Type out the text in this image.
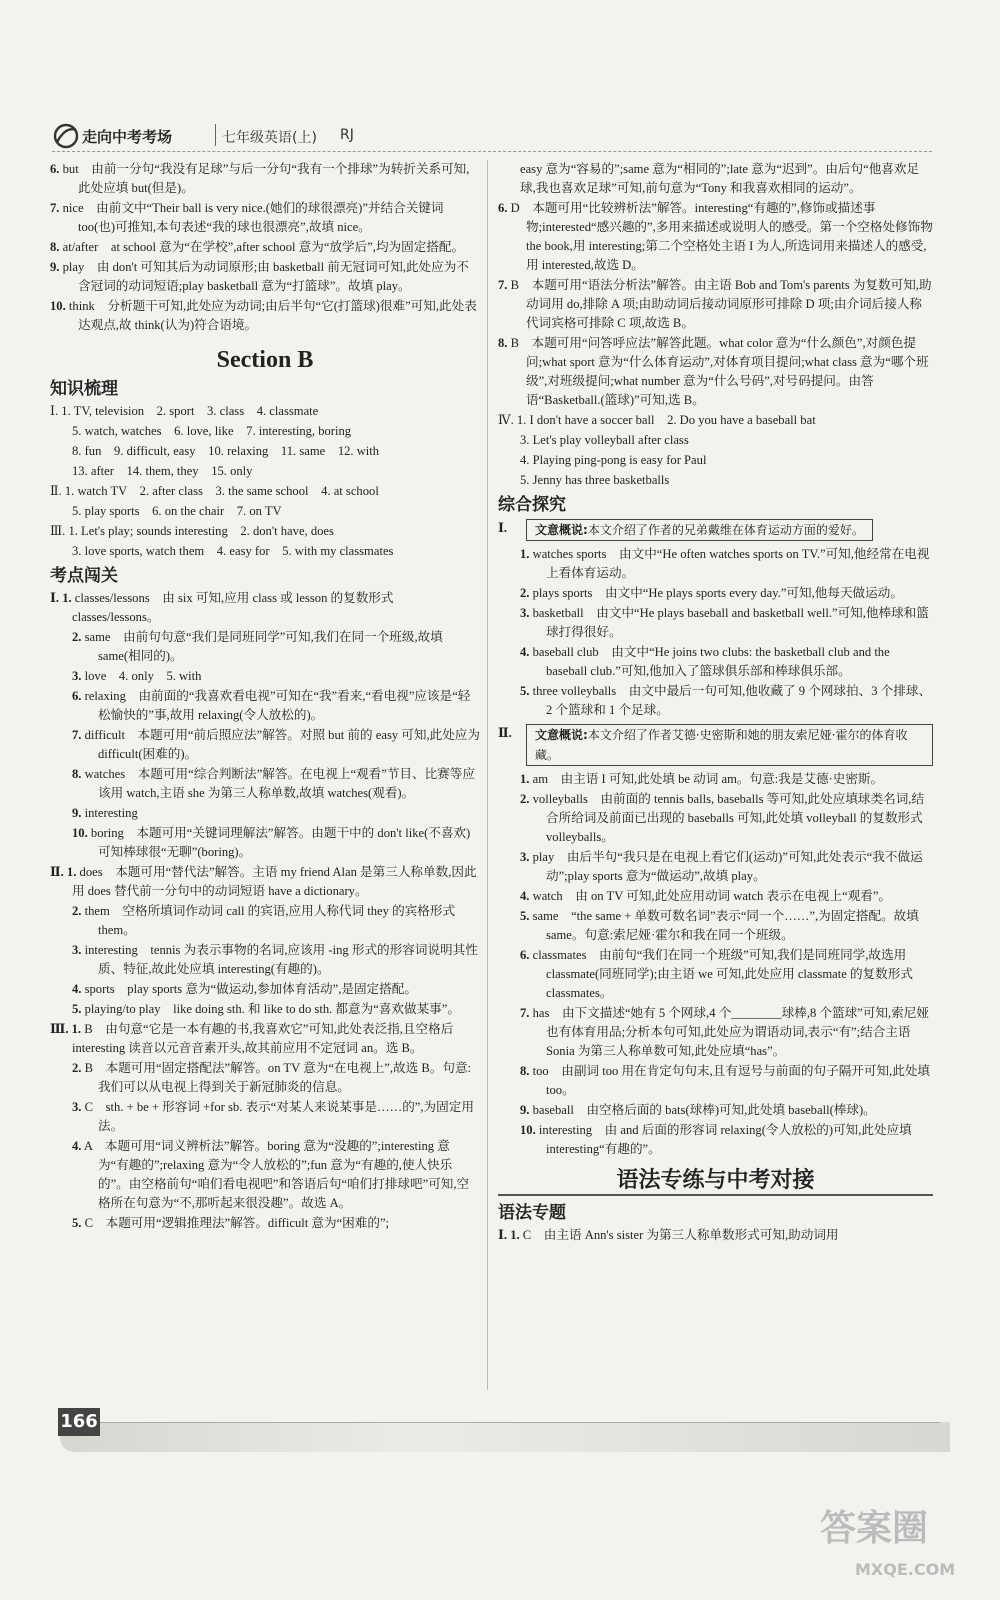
走向中考考场	七年级英语(上) RJ
6. but　由前一分句“我没有足球”与后一分句“我有一个排球”为转折关系可知,此处应填 but(但是)。
7. nice　由前文中“Their ball is very nice.(她们的球很漂亮)”并结合关键词 too(也)可推知,本句表述“我的球也很漂亮”,故填 nice。
8. at/after　at school 意为“在学校”,after school 意为“放学后”,均为固定搭配。
9. play　由 don't 可知其后为动词原形;由 basketball 前无冠词可知,此处应为不含冠词的动词短语;play basketball 意为“打篮球”。故填 play。
10. think　分析题干可知,此处应为动词;由后半句“它(打篮球)很难”可知,此处表达观点,故 think(认为)符合语境。
Section B
知识梳理
Ⅰ. 1. TV, television　2. sport　3. class　4. classmate
5. watch, watches　6. love, like　7. interesting, boring
8. fun　9. difficult, easy　10. relaxing　11. same　12. with
13. after　14. them, they　15. only
Ⅱ. 1. watch TV　2. after class　3. the same school　4. at school
5. play sports　6. on the chair　7. on TV
Ⅲ. 1. Let's play; sounds interesting　2. don't have, does
3. love sports, watch them　4. easy for　5. with my classmates
考点闯关
Ⅰ. 1. classes/lessons　由 six 可知,应用 class 或 lesson 的复数形式 classes/lessons。
2. same　由前句句意“我们是同班同学”可知,我们在同一个班级,故填 same(相同的)。
3. love　4. only　5. with
6. relaxing　由前面的“我喜欢看电视”可知在“我”看来,“看电视”应该是“轻松愉快的”事,故用 relaxing(令人放松的)。
7. difficult　本题可用“前后照应法”解答。对照 but 前的 easy 可知,此处应为 difficult(困难的)。
8. watches　本题可用“综合判断法”解答。在电视上“观看”节目、比赛等应该用 watch,主语 she 为第三人称单数,故填 watches(观看)。
9. interesting
10. boring　本题可用“关键词理解法”解答。由题干中的 don't like(不喜欢)可知棒球很“无聊”(boring)。
Ⅱ. 1. does　本题可用“替代法”解答。主语 my friend Alan 是第三人称单数,因此用 does 替代前一分句中的动词短语 have a dictionary。
2. them　空格所填词作动词 call 的宾语,应用人称代词 they 的宾格形式 them。
3. interesting　tennis 为表示事物的名词,应该用 -ing 形式的形容词说明其性质、特征,故此处应填 interesting(有趣的)。
4. sports　play sports 意为“做运动,参加体育活动”,是固定搭配。
5. playing/to play　like doing sth. 和 like to do sth. 都意为“喜欢做某事”。
Ⅲ. 1. B　由句意“它是一本有趣的书,我喜欢它”可知,此处表泛指,且空格后 interesting 读音以元音音素开头,故其前应用不定冠词 an。选 B。
2. B　本题可用“固定搭配法”解答。on TV 意为“在电视上”,故选 B。句意:我们可以从电视上得到关于新冠肺炎的信息。
3. C　sth. + be + 形容词 +for sb. 表示“对某人来说某事是……的”,为固定用法。
4. A　本题可用“词义辨析法”解答。boring 意为“没趣的”;interesting 意为“有趣的”;relaxing 意为“令人放松的”;fun 意为“有趣的,使人快乐的”。由空格前句“咱们看电视吧”和答语后句“咱们打排球吧”可知,空格所在句意为“不,那听起来很没趣”。故选 A。
5. C　本题可用“逻辑推理法”解答。difficult 意为“困难的”;
easy 意为“容易的”;same 意为“相同的”;late 意为“迟到”。由后句“他喜欢足球,我也喜欢足球”可知,前句意为“Tony 和我喜欢相同的运动”。
6. D　本题可用“比较辨析法”解答。interesting“有趣的”,修饰或描述事物;interested“感兴趣的”,多用来描述或说明人的感受。第一个空格处修饰物 the book,用 interesting;第二个空格处主语 I 为人,所选词用来描述人的感受,用 interested,故选 D。
7. B　本题可用“语法分析法”解答。由主语 Bob and Tom's parents 为复数可知,助动词用 do,排除 A 项;由助动词后接动词原形可排除 D 项;由介词后接人称代词宾格可排除 C 项,故选 B。
8. B　本题可用“问答呼应法”解答此题。what color 意为“什么颜色”,对颜色提问;what sport 意为“什么体育运动”,对体育项目提问;what class 意为“哪个班级”,对班级提问;what number 意为“什么号码”,对号码提问。由答语“Basketball.(篮球)”可知,选 B。
Ⅳ. 1. I don't have a soccer ball　2. Do you have a baseball bat
3. Let's play volleyball after class
4. Playing ping-pong is easy for Paul
5. Jenny has three basketballs
综合探究
Ⅰ.	文意概说:本文介绍了作者的兄弟戴维在体育运动方面的爱好。
1. watches sports　由文中“He often watches sports on TV.”可知,他经常在电视上看体育运动。
2. plays sports　由文中“He plays sports every day.”可知,他每天做运动。
3. basketball　由文中“He plays baseball and basketball well.”可知,他棒球和篮球打得很好。
4. baseball club　由文中“He joins two clubs: the basketball club and the baseball club.”可知,他加入了篮球俱乐部和棒球俱乐部。
5. three volleyballs　由文中最后一句可知,他收藏了 9 个网球拍、3 个排球、2 个篮球和 1 个足球。
Ⅱ.	文意概说:本文介绍了作者艾德·史密斯和她的朋友索尼娅·霍尔的体育收藏。
1. am　由主语 I 可知,此处填 be 动词 am。句意:我是艾德·史密斯。
2. volleyballs　由前面的 tennis balls, baseballs 等可知,此处应填球类名词,结合所给词及前面已出现的 baseballs 可知,此处填 volleyball 的复数形式 volleyballs。
3. play　由后半句“我只是在电视上看它们(运动)”可知,此处表示“我不做运动”;play sports 意为“做运动”,故填 play。
4. watch　由 on TV 可知,此处应用动词 watch 表示在电视上“观看”。
5. same　“the same + 单数可数名词”表示“同一个……”,为固定搭配。故填 same。句意:索尼娅·霍尔和我在同一个班级。
6. classmates　由前句“我们在同一个班级”可知,我们是同班同学,故选用 classmate(同班同学);由主语 we 可知,此处应用 classmate 的复数形式 classmates。
7. has　由下文描述“她有 5 个网球,4 个________球棒,8 个篮球”可知,索尼娅也有体育用品;分析本句可知,此处应为谓语动词,表示“有”;结合主语 Sonia 为第三人称单数可知,此处应填“has”。
8. too　由副词 too 用在肯定句句末,且有逗号与前面的句子隔开可知,此处填 too。
9. baseball　由空格后面的 bats(球棒)可知,此处填 baseball(棒球)。
10. interesting　由 and 后面的形容词 relaxing(令人放松的)可知,此处应填 interesting“有趣的”。
语法专练与中考对接
语法专题
Ⅰ. 1. C　由主语 Ann's sister 为第三人称单数形式可知,助动词用
166
答案圈
MXQE.COM
